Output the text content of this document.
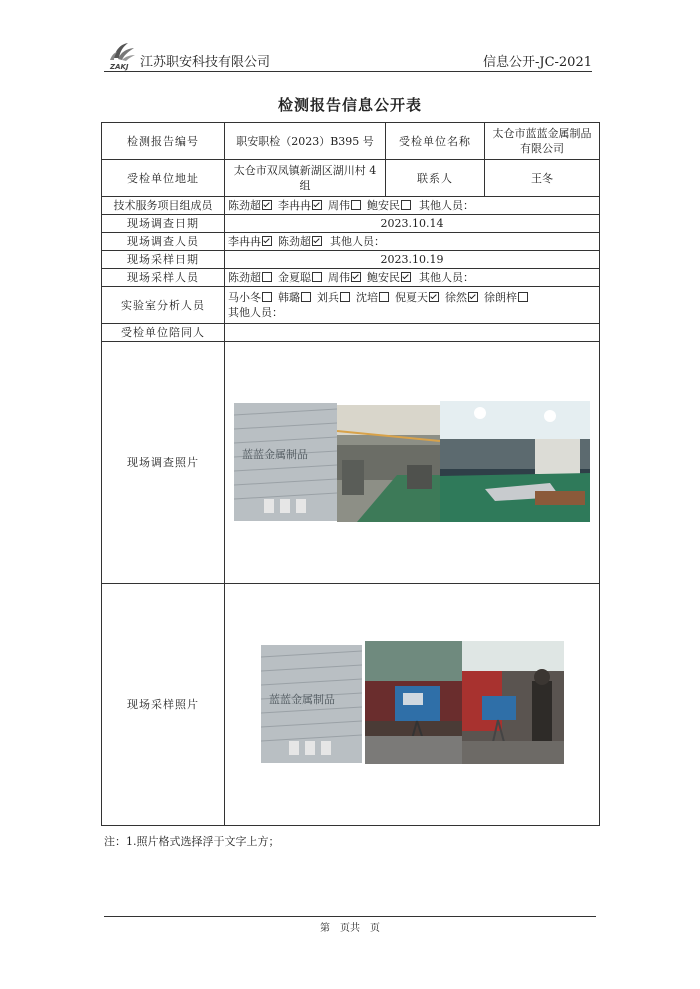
ZAKJ 江苏职安科技有限公司	信息公开-JC-2021
检测报告信息公开表
检测报告编号	职安职检（2023）B395 号	受检单位名称	太仓市蓝蓝金属制品有限公司
受检单位地址	太仓市双凤镇新湖区湖川村 4 组	联系人	王冬
技术服务项目组成员	陈劲超 李冉冉 周伟 鲍安民 其他人员：		
现场调查日期	2023.10.14		
现场调查人员	李冉冉 陈劲超 其他人员：		
现场采样日期	2023.10.19		
现场采样人员	陈劲超 金夏聪 周伟 鲍安民 其他人员：		
实验室分析人员	马小冬 韩璐 刘兵 沈培 倪夏天 徐然 徐朗梓
其他人员：		

受检单位陪同人			
现场调查照片	蓝蓝金属制品		

现场采样照片	蓝蓝金属制品		
注：1.照片格式选择浮于文字上方；
第　页共　页
